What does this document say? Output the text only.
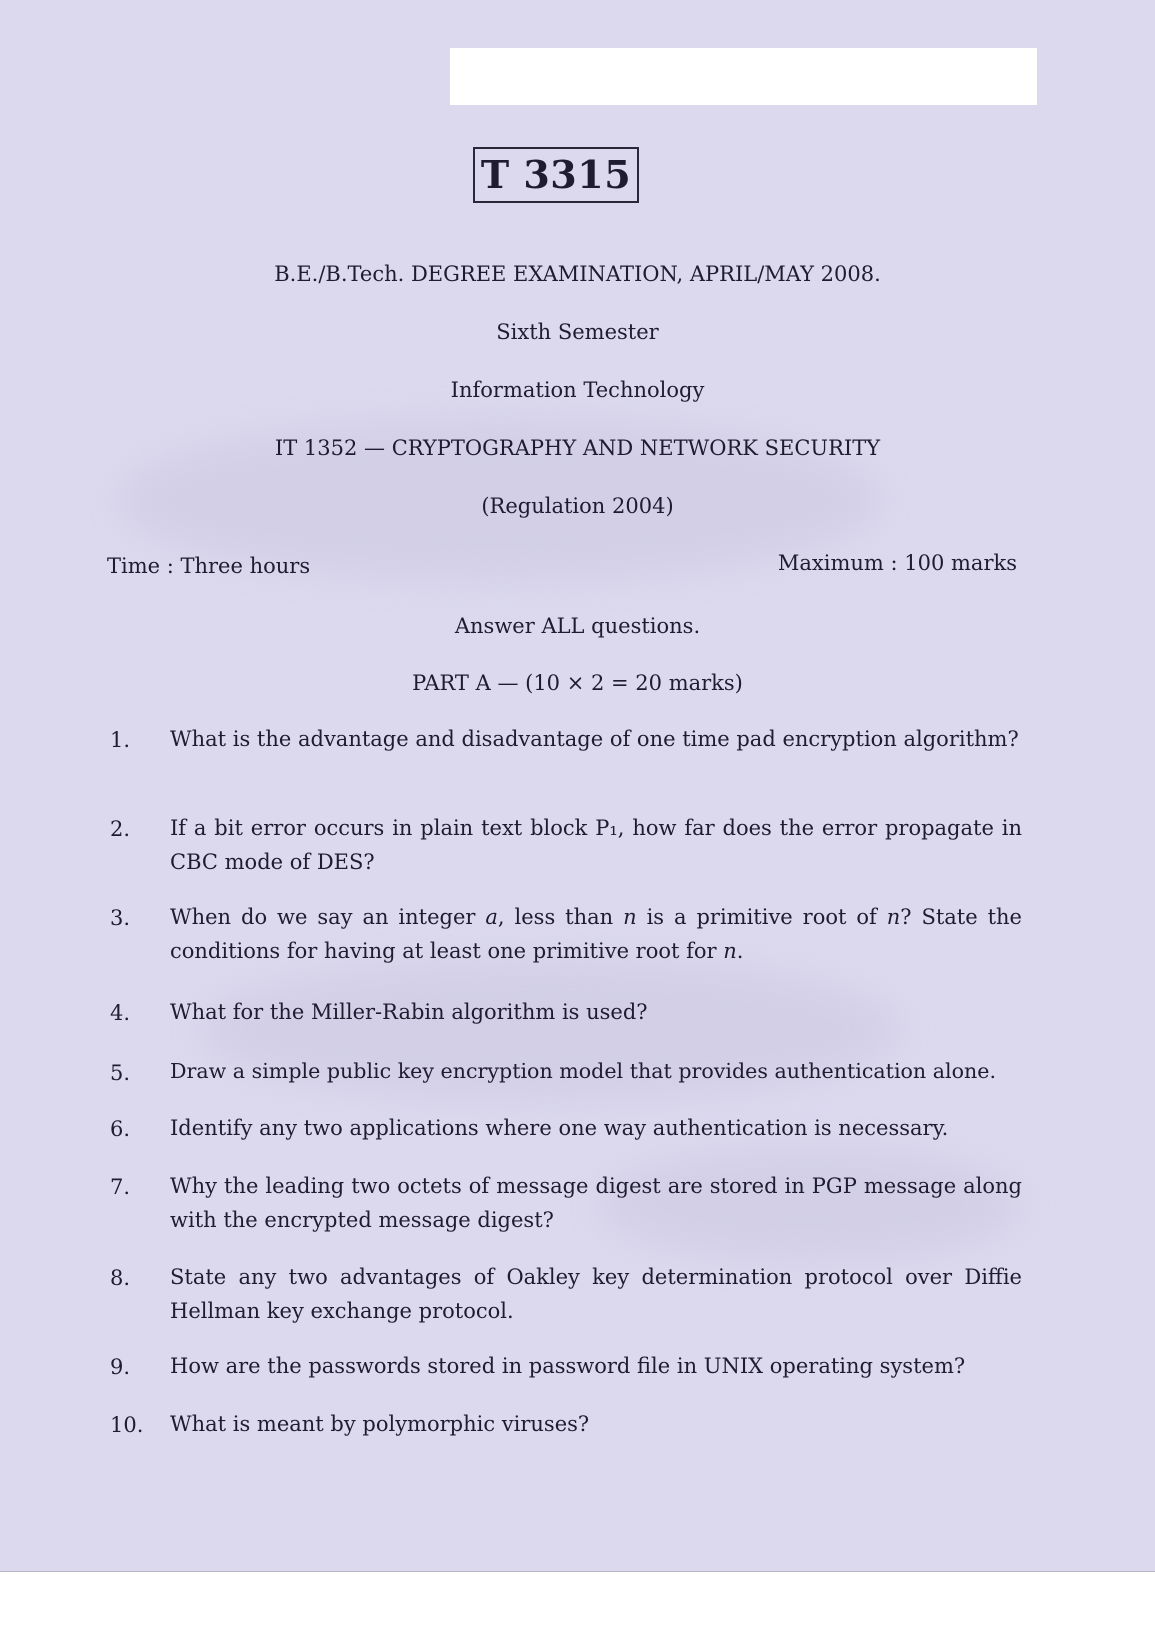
T 3315
B.E./B.Tech. DEGREE EXAMINATION, APRIL/MAY 2008.
Sixth Semester
Information Technology
IT 1352 — CRYPTOGRAPHY AND NETWORK SECURITY
(Regulation 2004)
Time : Three hours	Maximum : 100 marks
Answer ALL questions.
PART A — (10 × 2 = 20 marks)
1. What is the advantage and disadvantage of one time pad encryption algorithm?
2. If a bit error occurs in plain text block P₁, how far does the error propagate in CBC mode of DES?
3. When do we say an integer a, less than n is a primitive root of n? State the conditions for having at least one primitive root for n.
4. What for the Miller-Rabin algorithm is used?
5. Draw a simple public key encryption model that provides authentication alone.
6. Identify any two applications where one way authentication is necessary.
7. Why the leading two octets of message digest are stored in PGP message along with the encrypted message digest?
8. State any two advantages of Oakley key determination protocol over Diffie Hellman key exchange protocol.
9. How are the passwords stored in password file in UNIX operating system?
10. What is meant by polymorphic viruses?
